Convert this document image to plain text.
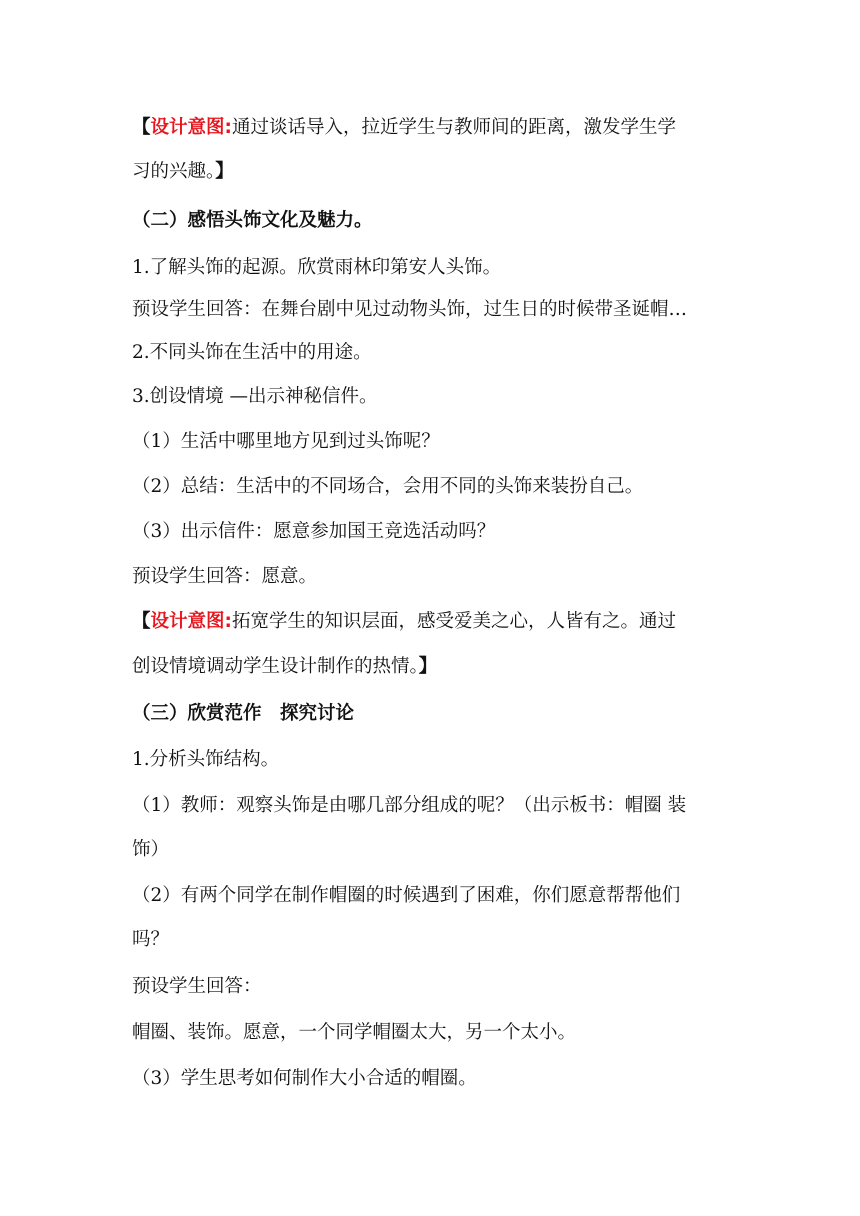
【设计意图:通过谈话导入，拉近学生与教师间的距离，激发学生学
习的兴趣。】
（二）感悟头饰文化及魅力。
1.了解头饰的起源。欣赏雨林印第安人头饰。
预设学生回答：在舞台剧中见过动物头饰，过生日的时候带圣诞帽…
2.不同头饰在生活中的用途。
3.创设情境 —出示神秘信件。
（1）生活中哪里地方见到过头饰呢？
（2）总结：生活中的不同场合，会用不同的头饰来装扮自己。
（3）出示信件：愿意参加国王竞选活动吗？
预设学生回答：愿意。
【设计意图:拓宽学生的知识层面，感受爱美之心，人皆有之。通过
创设情境调动学生设计制作的热情。】
（三）欣赏范作　探究讨论
1.分析头饰结构。
（1）教师：观察头饰是由哪几部分组成的呢？（出示板书：帽圈 装
饰）
（2）有两个同学在制作帽圈的时候遇到了困难，你们愿意帮帮他们
吗？
预设学生回答：
帽圈、装饰。愿意，一个同学帽圈太大，另一个太小。
（3）学生思考如何制作大小合适的帽圈。
